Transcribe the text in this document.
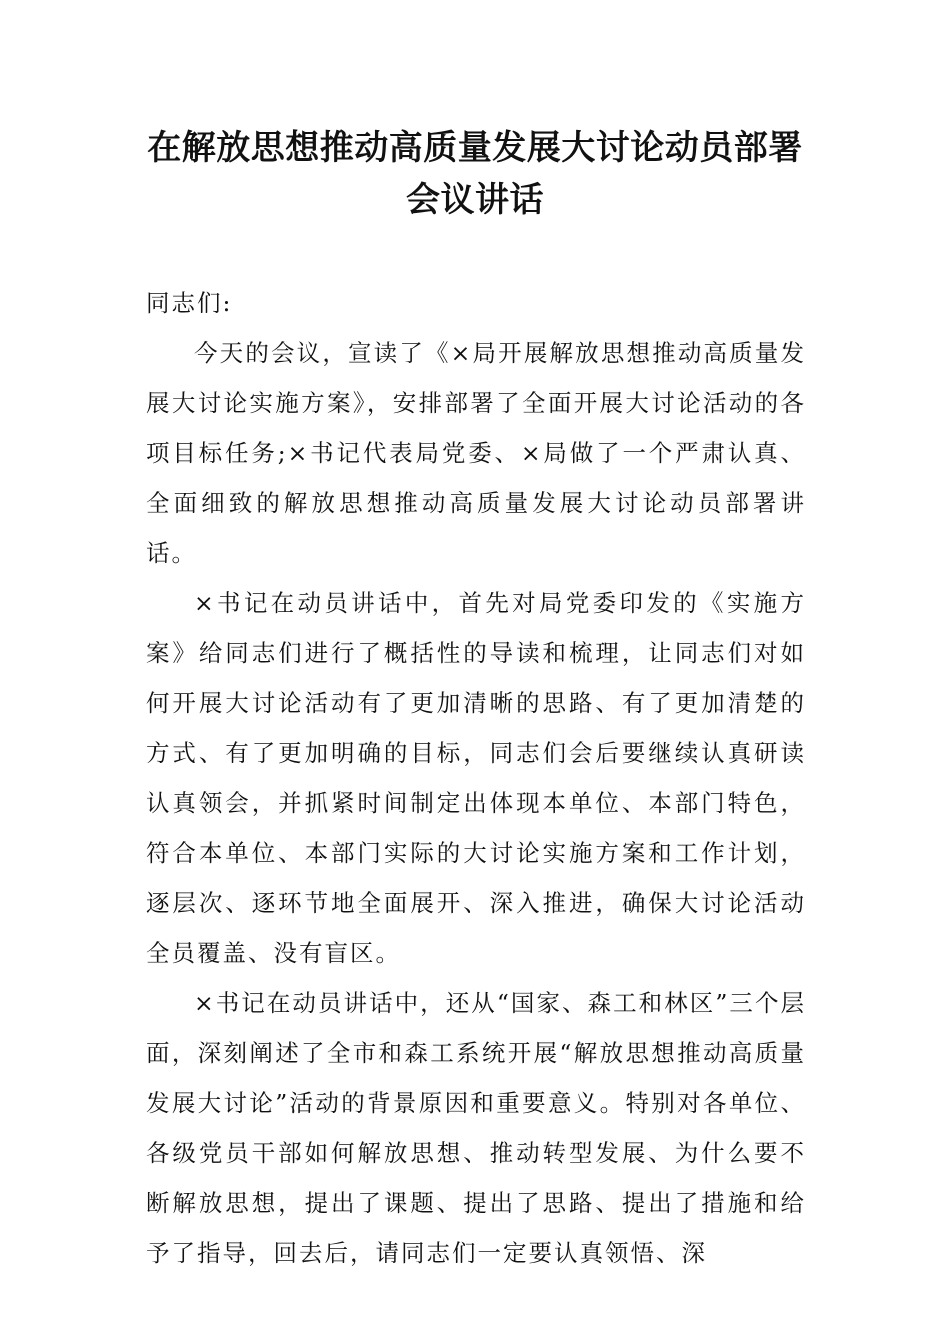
在解放思想推动高质量发展大讨论动员部署会议讲话

同志们:

今天的会议，宣读了《×局开展解放思想推动高质量发展大讨论实施方案》，安排部署了全面开展大讨论活动的各项目标任务;×书记代表局党委、×局做了一个严肃认真、全面细致的解放思想推动高质量发展大讨论动员部署讲话。

×书记在动员讲话中，首先对局党委印发的《实施方案》给同志们进行了概括性的导读和梳理，让同志们对如何开展大讨论活动有了更加清晰的思路、有了更加清楚的方式、有了更加明确的目标，同志们会后要继续认真研读认真领会，并抓紧时间制定出体现本单位、本部门特色，符合本单位、本部门实际的大讨论实施方案和工作计划，逐层次、逐环节地全面展开、深入推进，确保大讨论活动全员覆盖、没有盲区。

×书记在动员讲话中，还从“国家、森工和林区”三个层面，深刻阐述了全市和森工系统开展“解放思想推动高质量发展大讨论”活动的背景原因和重要意义。特别对各单位、各级党员干部如何解放思想、推动转型发展、为什么要不断解放思想，提出了课题、提出了思路、提出了措施和给予了指导，回去后，请同志们一定要认真领悟、深
